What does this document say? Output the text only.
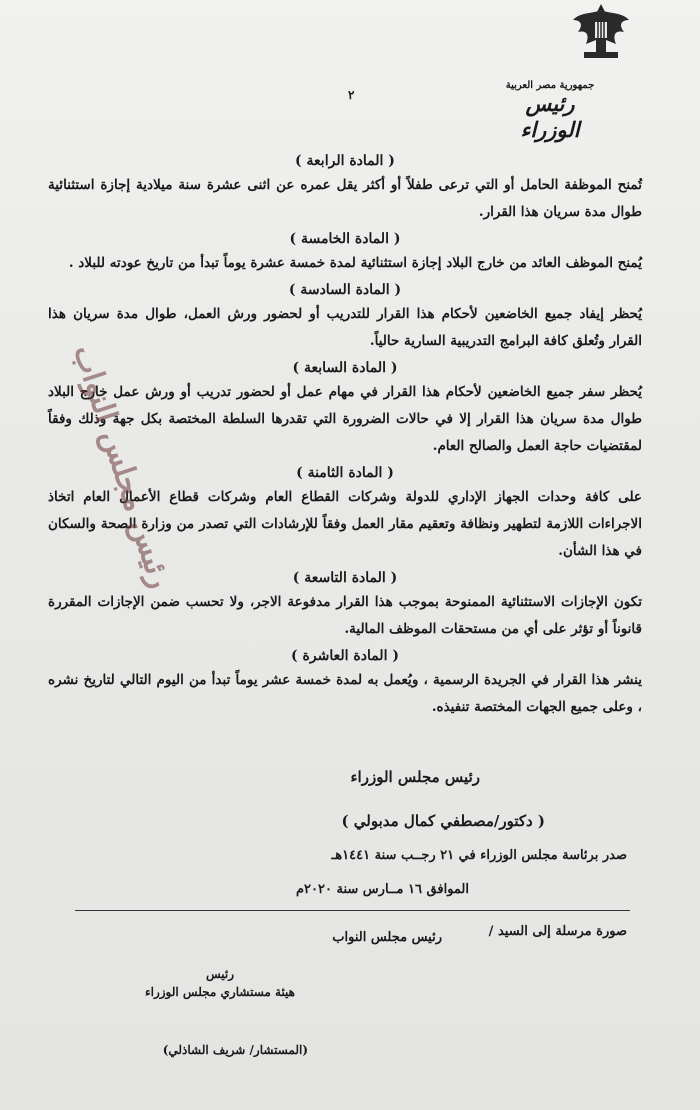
جمهورية مصر العربية
رئيس الوزراء
٢

( المادة الرابعة )

تُمنح الموظفة الحامل أو التي ترعى طفلاً أو أكثر يقل عمره عن اثنى عشرة سنة ميلادية إجازة استثنائية طوال مدة سريان هذا القرار.

( المادة الخامسة )

يُمنح الموظف العائد من خارج البلاد إجازة استثنائية لمدة خمسة عشرة يوماً تبدأ من تاريخ عودته للبلاد .

( المادة السادسة )

يُحظر إيفاد جميع الخاضعين لأحكام هذا القرار للتدريب أو لحضور ورش العمل، طوال مدة سريان هذا القرار وتُعلق كافة البرامج التدريبية السارية حالياً.

( المادة السابعة )

يُحظر سفر جميع الخاضعين لأحكام هذا القرار في مهام عمل أو لحضور تدريب أو ورش عمل خارج البلاد طوال مدة سريان هذا القرار إلا في حالات الضرورة التي تقدرها السلطة المختصة بكل جهة وذلك وفقاً لمقتضيات حاجة العمل والصالح العام.

( المادة الثامنة )

على كافة وحدات الجهاز الإداري للدولة وشركات القطاع العام وشركات قطاع الأعمال العام اتخاذ الاجراءات اللازمة لتطهير ونظافة وتعقيم مقار العمل وفقاً للإرشادات التي تصدر من وزارة الصحة والسكان في هذا الشأن.

( المادة التاسعة )

تكون الإجازات الاستثنائية الممنوحة بموجب هذا القرار مدفوعة الاجر، ولا تحسب ضمن الإجازات المقررة قانوناً أو تؤثر على أي من مستحقات الموظف المالية.

( المادة العاشرة )

ينشر هذا القرار في الجريدة الرسمية ، ويُعمل به لمدة خمسة عشر يوماً تبدأ من اليوم التالي لتاريخ نشره ، وعلى جميع الجهات المختصة تنفيذه.

رئيس مجلس الوزراء
( دكتور/مصطفي كمال مدبولي )
صدر برئاسة مجلس الوزراء في ٢١ رجــب سنة ١٤٤١هـ
الموافق ١٦ مــارس سنة ٢٠٢٠م
صورة مرسلة إلى السيد /
رئيس مجلس النواب
رئيس
هيئة مستشاري مجلس الوزراء
(المستشار/ شريف الشاذلي)
رئيس مجلس النواب
